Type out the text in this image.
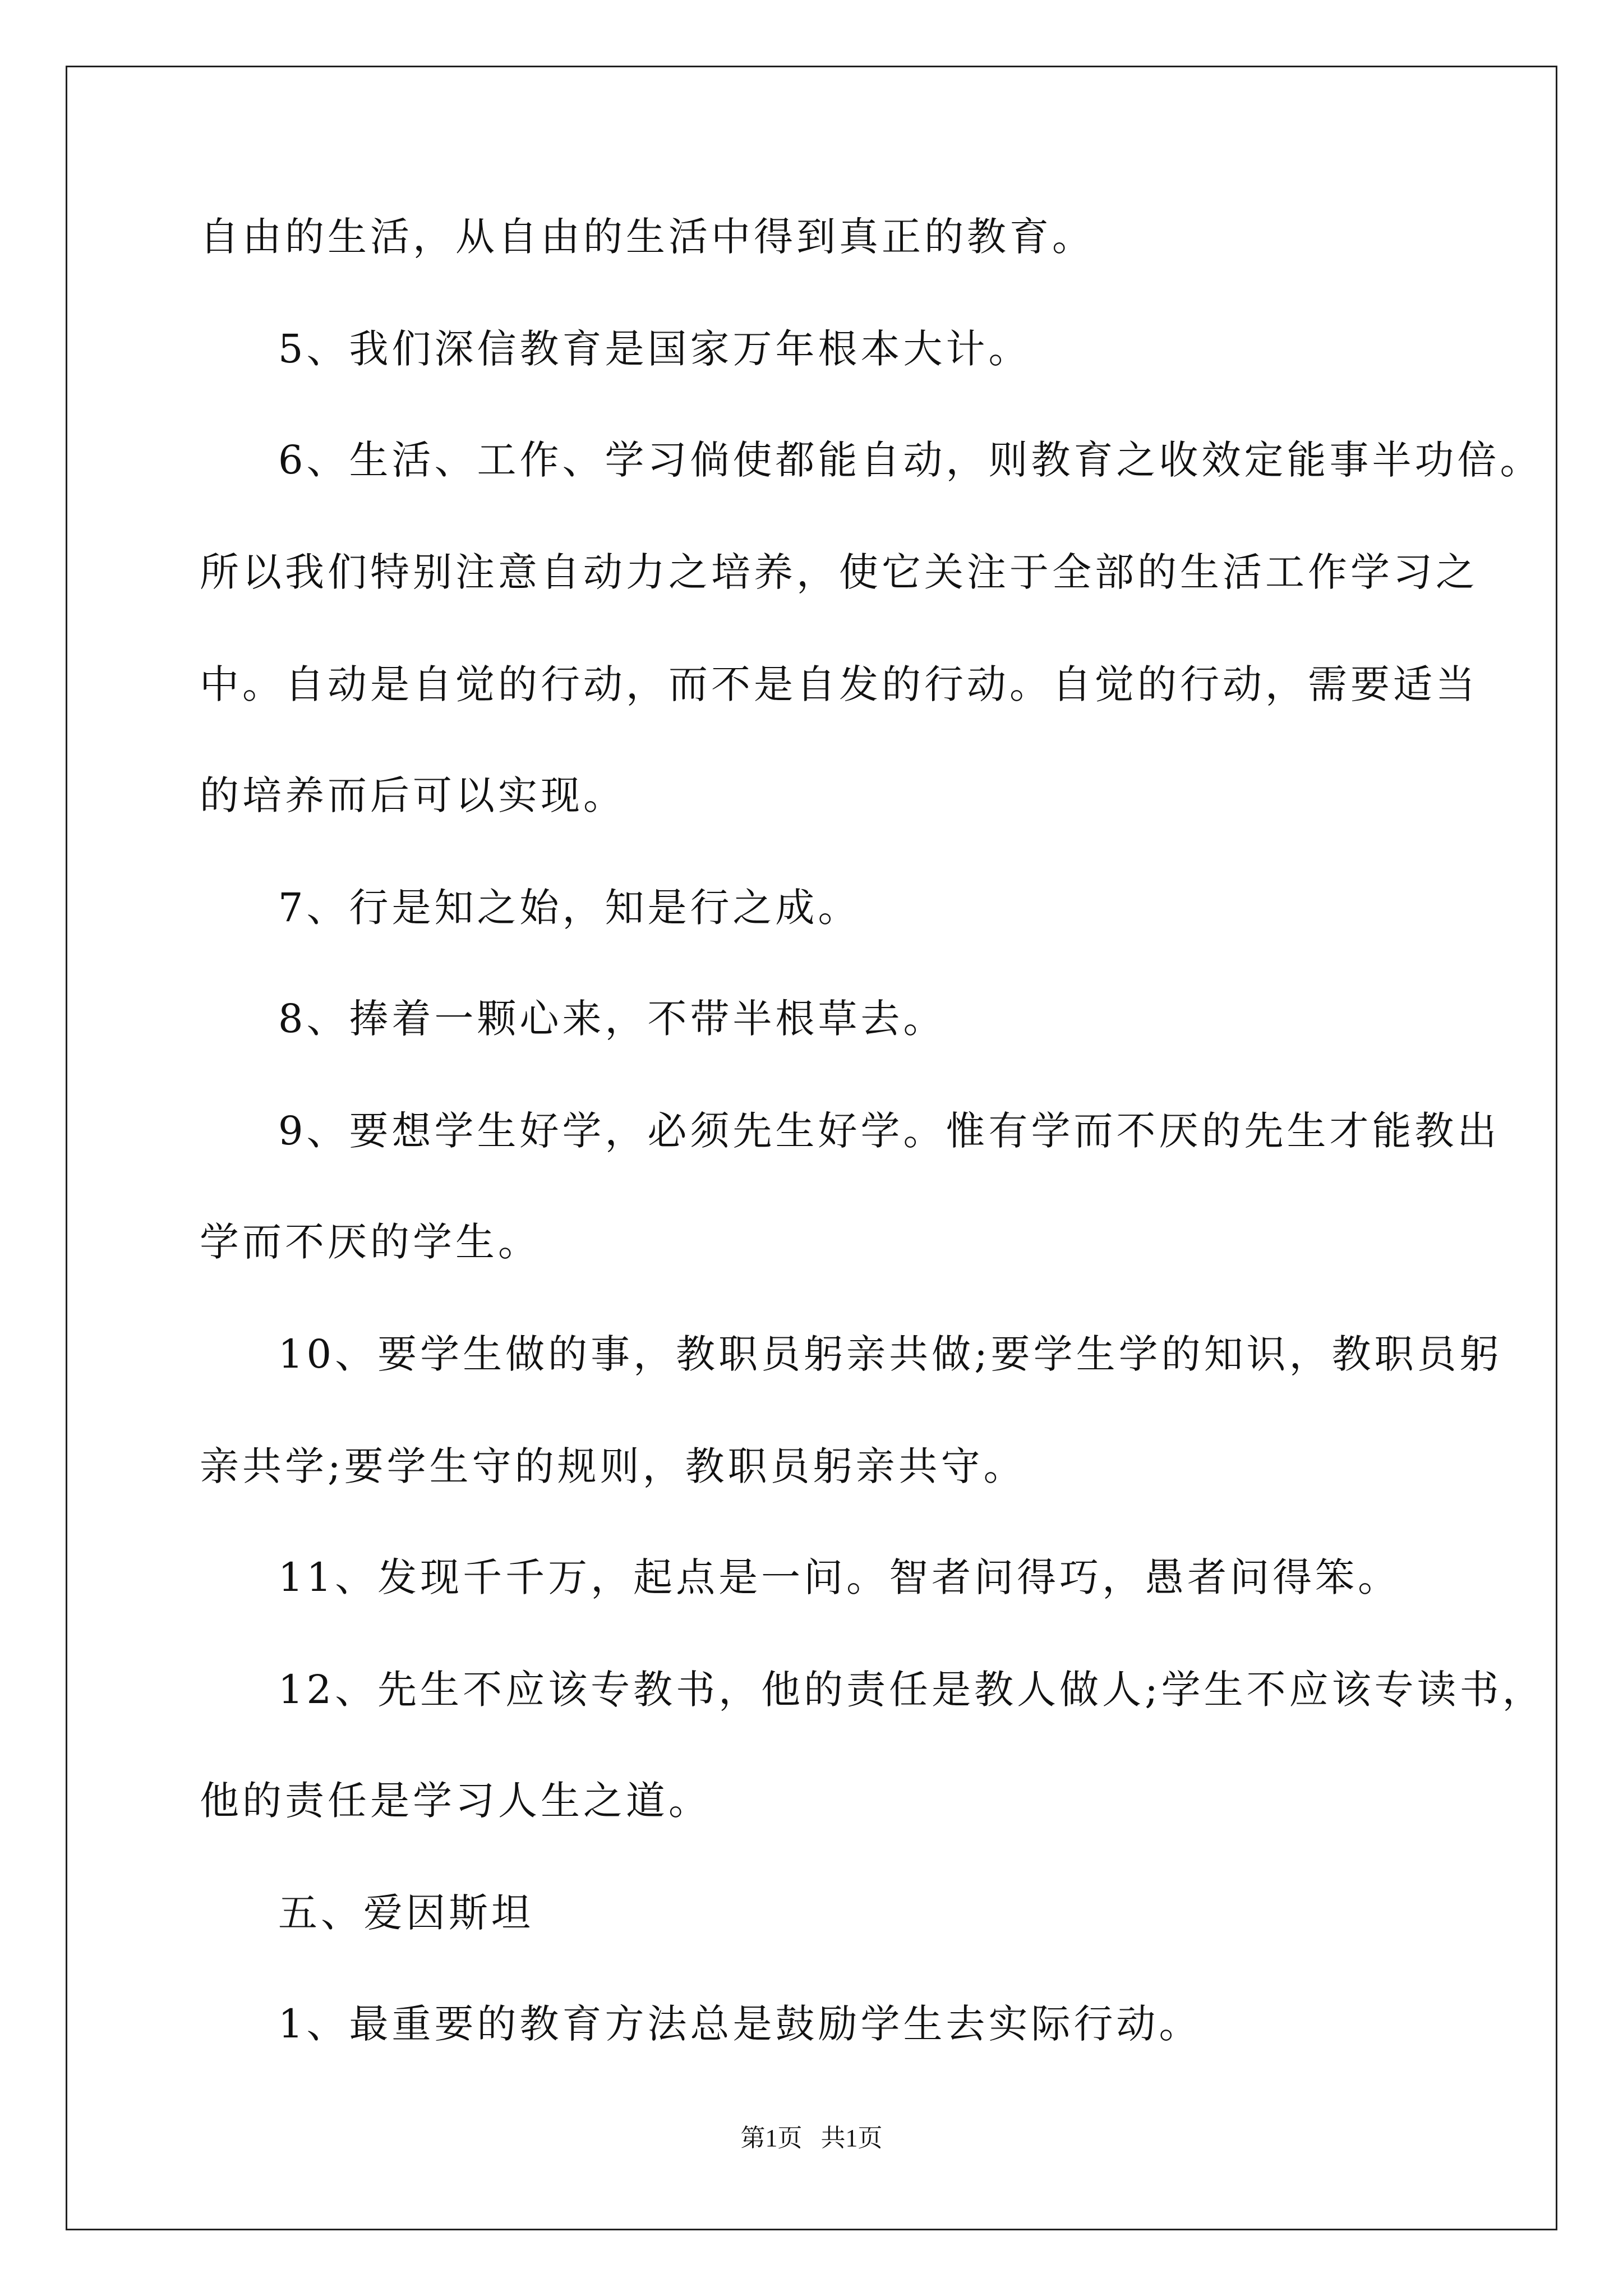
自由的生活，从自由的生活中得到真正的教育。
5、我们深信教育是国家万年根本大计。
6、生活、工作、学习倘使都能自动，则教育之收效定能事半功倍。
所以我们特别注意自动力之培养，使它关注于全部的生活工作学习之
中。自动是自觉的行动，而不是自发的行动。自觉的行动，需要适当
的培养而后可以实现。
7、行是知之始，知是行之成。
8、捧着一颗心来，不带半根草去。
9、要想学生好学，必须先生好学。惟有学而不厌的先生才能教出
学而不厌的学生。
10、要学生做的事，教职员躬亲共做;要学生学的知识，教职员躬
亲共学;要学生守的规则，教职员躬亲共守。
11、发现千千万，起点是一问。智者问得巧，愚者问得笨。
12、先生不应该专教书，他的责任是教人做人;学生不应该专读书，
他的责任是学习人生之道。
五、爱因斯坦
1、最重要的教育方法总是鼓励学生去实际行动。
第1页   共1页
